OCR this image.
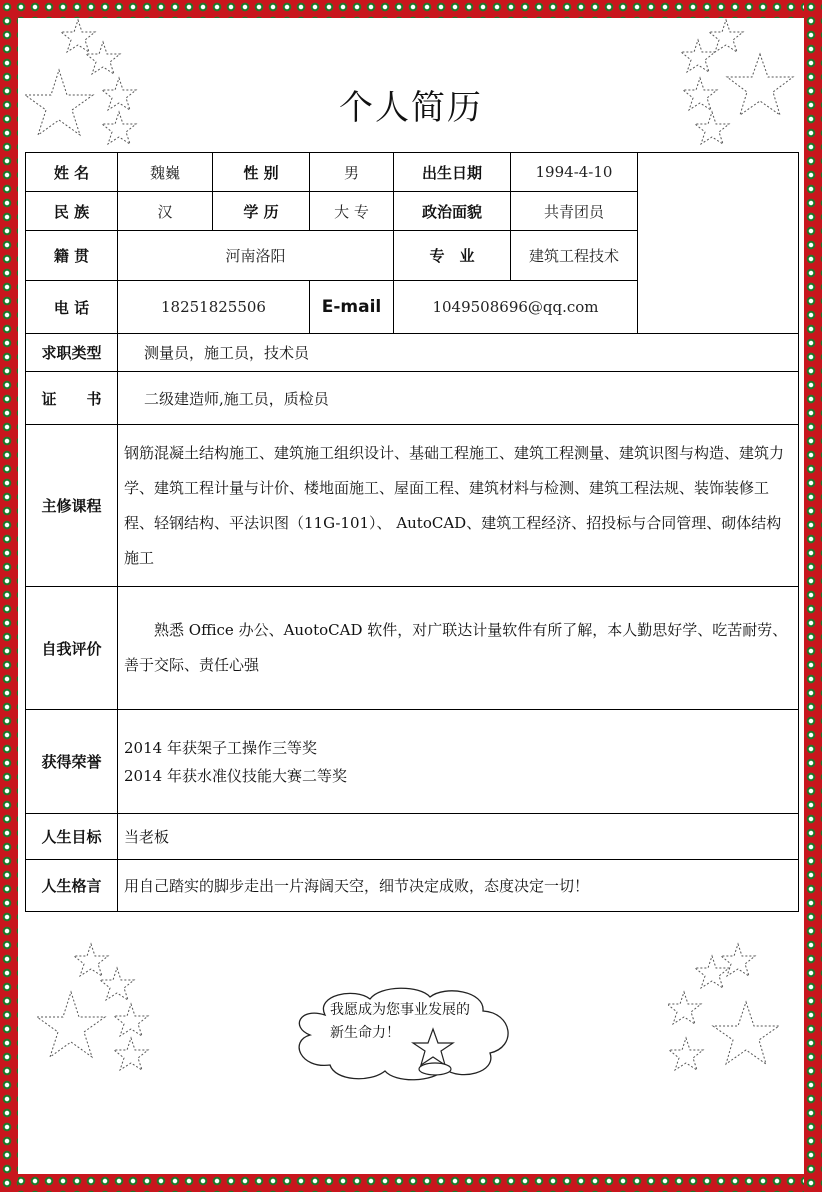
个人简历
姓 名	魏巍	性 别	男	出生日期	1994-4-10	
民 族	汉	学 历	大 专	政治面貌	共青团员	
籍 贯	河南洛阳			专　业	建筑工程技术	
电 话	18251825506		E-mail	1049508696@qq.com		
求职类型	测量员，施工员，技术员					
证　　书	二级建造师,施工员，质检员					
主修课程	钢筋混凝土结构施工、建筑施工组织设计、基础工程施工、建筑工程测量、建筑识图与构造、建筑力学、建筑工程计量与计价、楼地面施工、屋面工程、建筑材料与检测、建筑工程法规、装饰装修工程、轻钢结构、平法识图（11G-101）、 AutoCAD、建筑工程经济、招投标与合同管理、砌体结构施工					

自我评价	熟悉 Office 办公、AuotoCAD 软件，对广联达计量软件有所了解，本人勤思好学、吃苦耐劳、善于交际、责任心强					

获得荣誉	2014 年获架子工操作三等奖
2014 年获水准仪技能大赛二等奖					

人生目标	当老板					
人生格言	用自己踏实的脚步走出一片海阔天空，细节决定成败，态度决定一切！					
我愿成为您事业发展的新生命力！
